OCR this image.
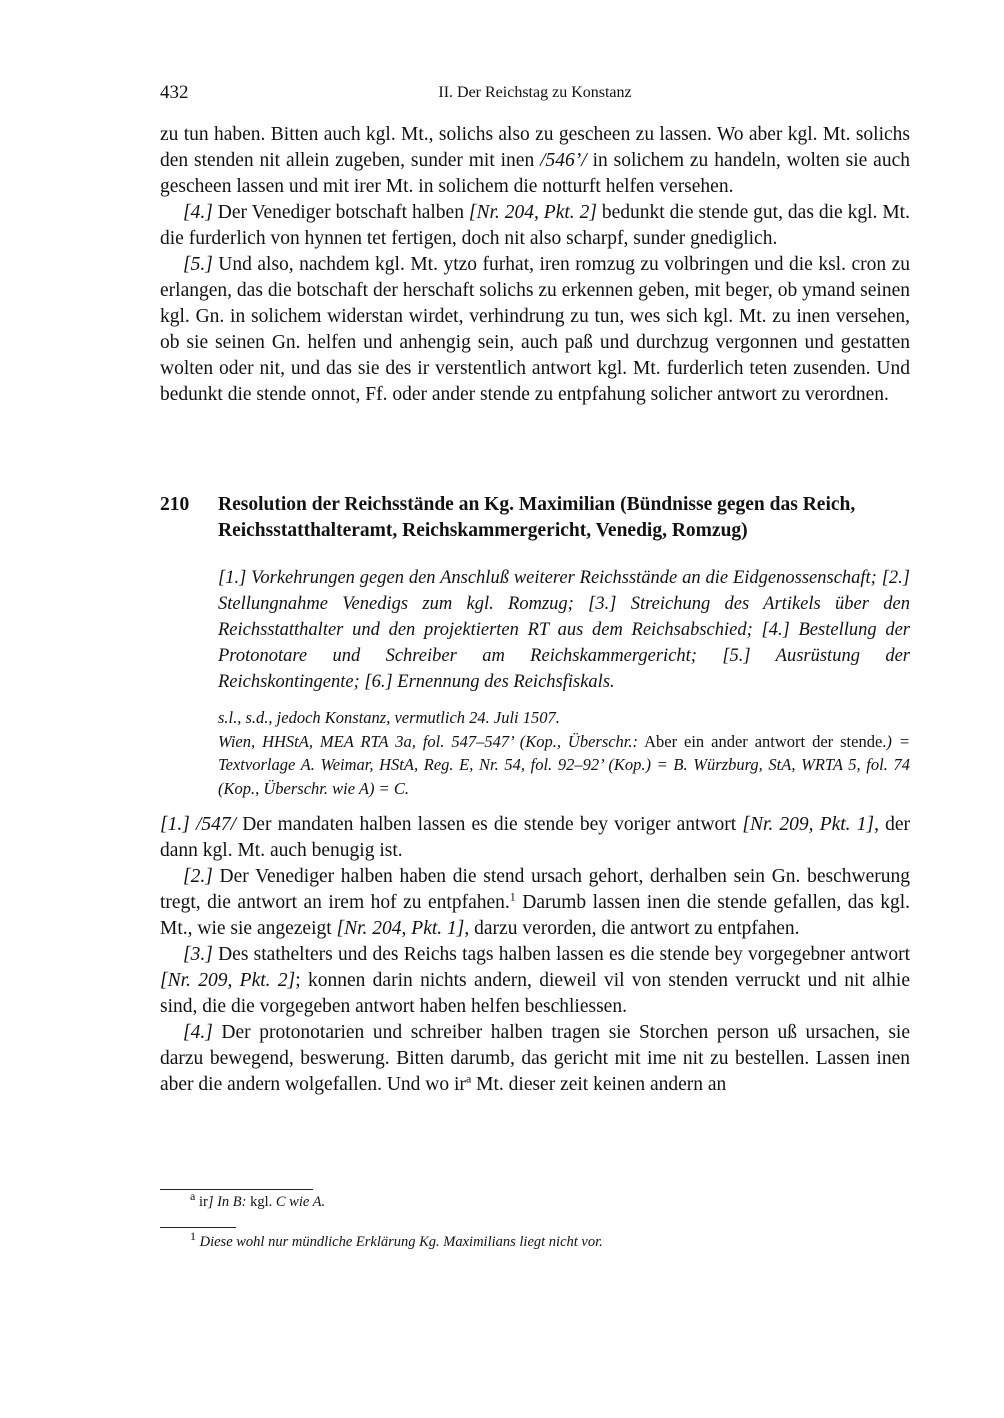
432	II. Der Reichstag zu Konstanz

zu tun haben. Bitten auch kgl. Mt., solichs also zu gescheen zu lassen. Wo aber kgl. Mt. solichs den stenden nit allein zugeben, sunder mit inen /546’/ in solichem zu handeln, wolten sie auch gescheen lassen und mit irer Mt. in solichem die notturft helfen versehen.

[4.] Der Venediger botschaft halben [Nr. 204, Pkt. 2] bedunkt die stende gut, das die kgl. Mt. die furderlich von hynnen tet fertigen, doch nit also scharpf, sunder gnediglich.

[5.] Und also, nachdem kgl. Mt. ytzo furhat, iren romzug zu volbringen und die ksl. cron zu erlangen, das die botschaft der herschaft solichs zu erkennen geben, mit beger, ob ymand seinen kgl. Gn. in solichem widerstan wirdet, verhindrung zu tun, wes sich kgl. Mt. zu inen versehen, ob sie seinen Gn. helfen und anhengig sein, auch paß und durchzug vergonnen und gestatten wolten oder nit, und das sie des ir verstentlich antwort kgl. Mt. furderlich teten zusenden. Und bedunkt die stende onnot, Ff. oder ander stende zu entpfahung solicher antwort zu verordnen.

210 Resolution der Reichsstände an Kg. Maximilian (Bündnisse gegen das Reich, Reichsstatthalteramt, Reichskammergericht, Venedig, Romzug)

[1.] Vorkehrungen gegen den Anschluß weiterer Reichsstände an die Eidgenossenschaft; [2.] Stellungnahme Venedigs zum kgl. Romzug; [3.] Streichung des Artikels über den Reichsstatthalter und den projektierten RT aus dem Reichsabschied; [4.] Bestellung der Protonotare und Schreiber am Reichskammergericht; [5.] Ausrüstung der Reichskontingente; [6.] Ernennung des Reichsfiskals.

s.l., s.d., jedoch Konstanz, vermutlich 24. Juli 1507.

Wien, HHStA, MEA RTA 3a, fol. 547–547’ (Kop., Überschr.: Aber ein ander antwort der stende.) = Textvorlage A. Weimar, HStA, Reg. E, Nr. 54, fol. 92–92’ (Kop.) = B. Würzburg, StA, WRTA 5, fol. 74 (Kop., Überschr. wie A) = C.

[1.] /547/ Der mandaten halben lassen es die stende bey voriger antwort [Nr. 209, Pkt. 1], der dann kgl. Mt. auch benugig ist.

[2.] Der Venediger halben haben die stend ursach gehort, derhalben sein Gn. beschwerung tregt, die antwort an irem hof zu entpfahen.$^1$ Darumb lassen inen die stende gefallen, das kgl. Mt., wie sie angezeigt [Nr. 204, Pkt. 1], darzu verorden, die antwort zu entpfahen.

[3.] Des stathelters und des Reichs tags halben lassen es die stende bey vorgegebner antwort [Nr. 209, Pkt. 2]; konnen darin nichts andern, dieweil vil von stenden verruckt und nit alhie sind, die die vorgegeben antwort haben helfen beschliessen.

[4.] Der protonotarien und schreiber halben tragen sie Storchen person uß ursachen, sie darzu bewegend, beswerung. Bitten darumb, das gericht mit ime nit zu bestellen. Lassen inen aber die andern wolgefallen. Und wo $ir^a$ Mt. dieser zeit keinen andern an

$^a$ ir] In B: kgl. C wie A.
$^1$ Diese wohl nur mündliche Erklärung Kg. Maximilians liegt nicht vor.
